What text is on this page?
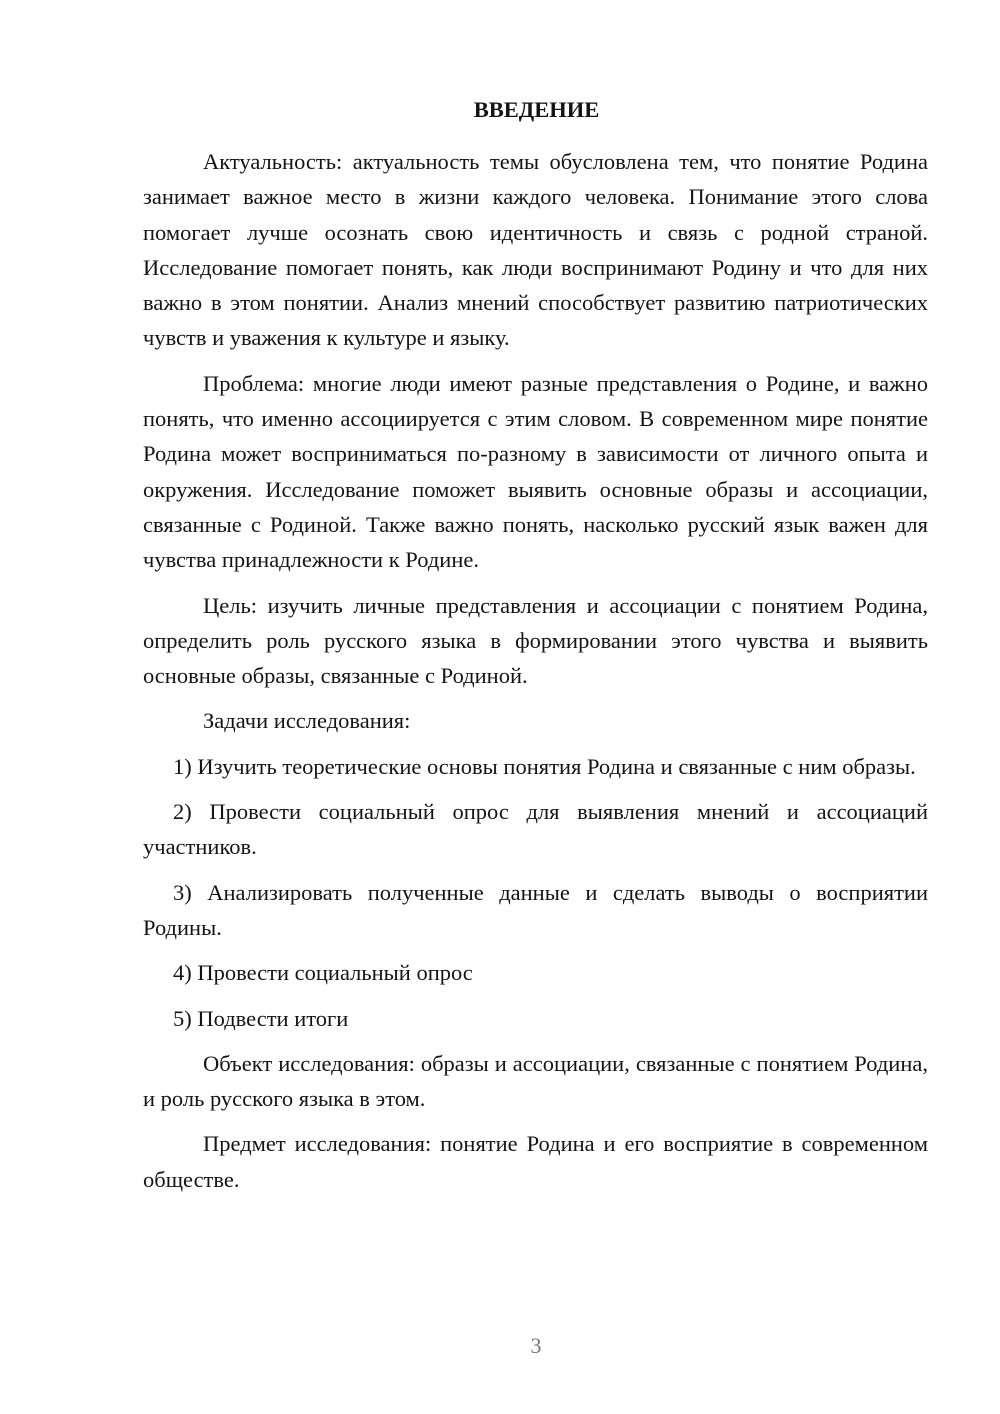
ВВЕДЕНИЕ

Актуальность: актуальность темы обусловлена тем, что понятие Родина занимает важное место в жизни каждого человека. Понимание этого слова помогает лучше осознать свою идентичность и связь с родной страной. Исследование помогает понять, как люди воспринимают Родину и что для них важно в этом понятии. Анализ мнений способствует развитию патриотических чувств и уважения к культуре и языку.

Проблема: многие люди имеют разные представления о Родине, и важно понять, что именно ассоциируется с этим словом. В современном мире понятие Родина может восприниматься по-разному в зависимости от личного опыта и окружения. Исследование поможет выявить основные образы и ассоциации, связанные с Родиной. Также важно понять, насколько русский язык важен для чувства принадлежности к Родине.

Цель: изучить личные представления и ассоциации с понятием Родина, определить роль русского языка в формировании этого чувства и выявить основные образы, связанные с Родиной.

Задачи исследования:

1) Изучить теоретические основы понятия Родина и связанные с ним образы.

2) Провести социальный опрос для выявления мнений и ассоциаций участников.

3) Анализировать полученные данные и сделать выводы о восприятии Родины.

4) Провести социальный опрос

5) Подвести итоги

Объект исследования: образы и ассоциации, связанные с понятием Родина, и роль русского языка в этом.

Предмет исследования: понятие Родина и его восприятие в современном обществе.

3
